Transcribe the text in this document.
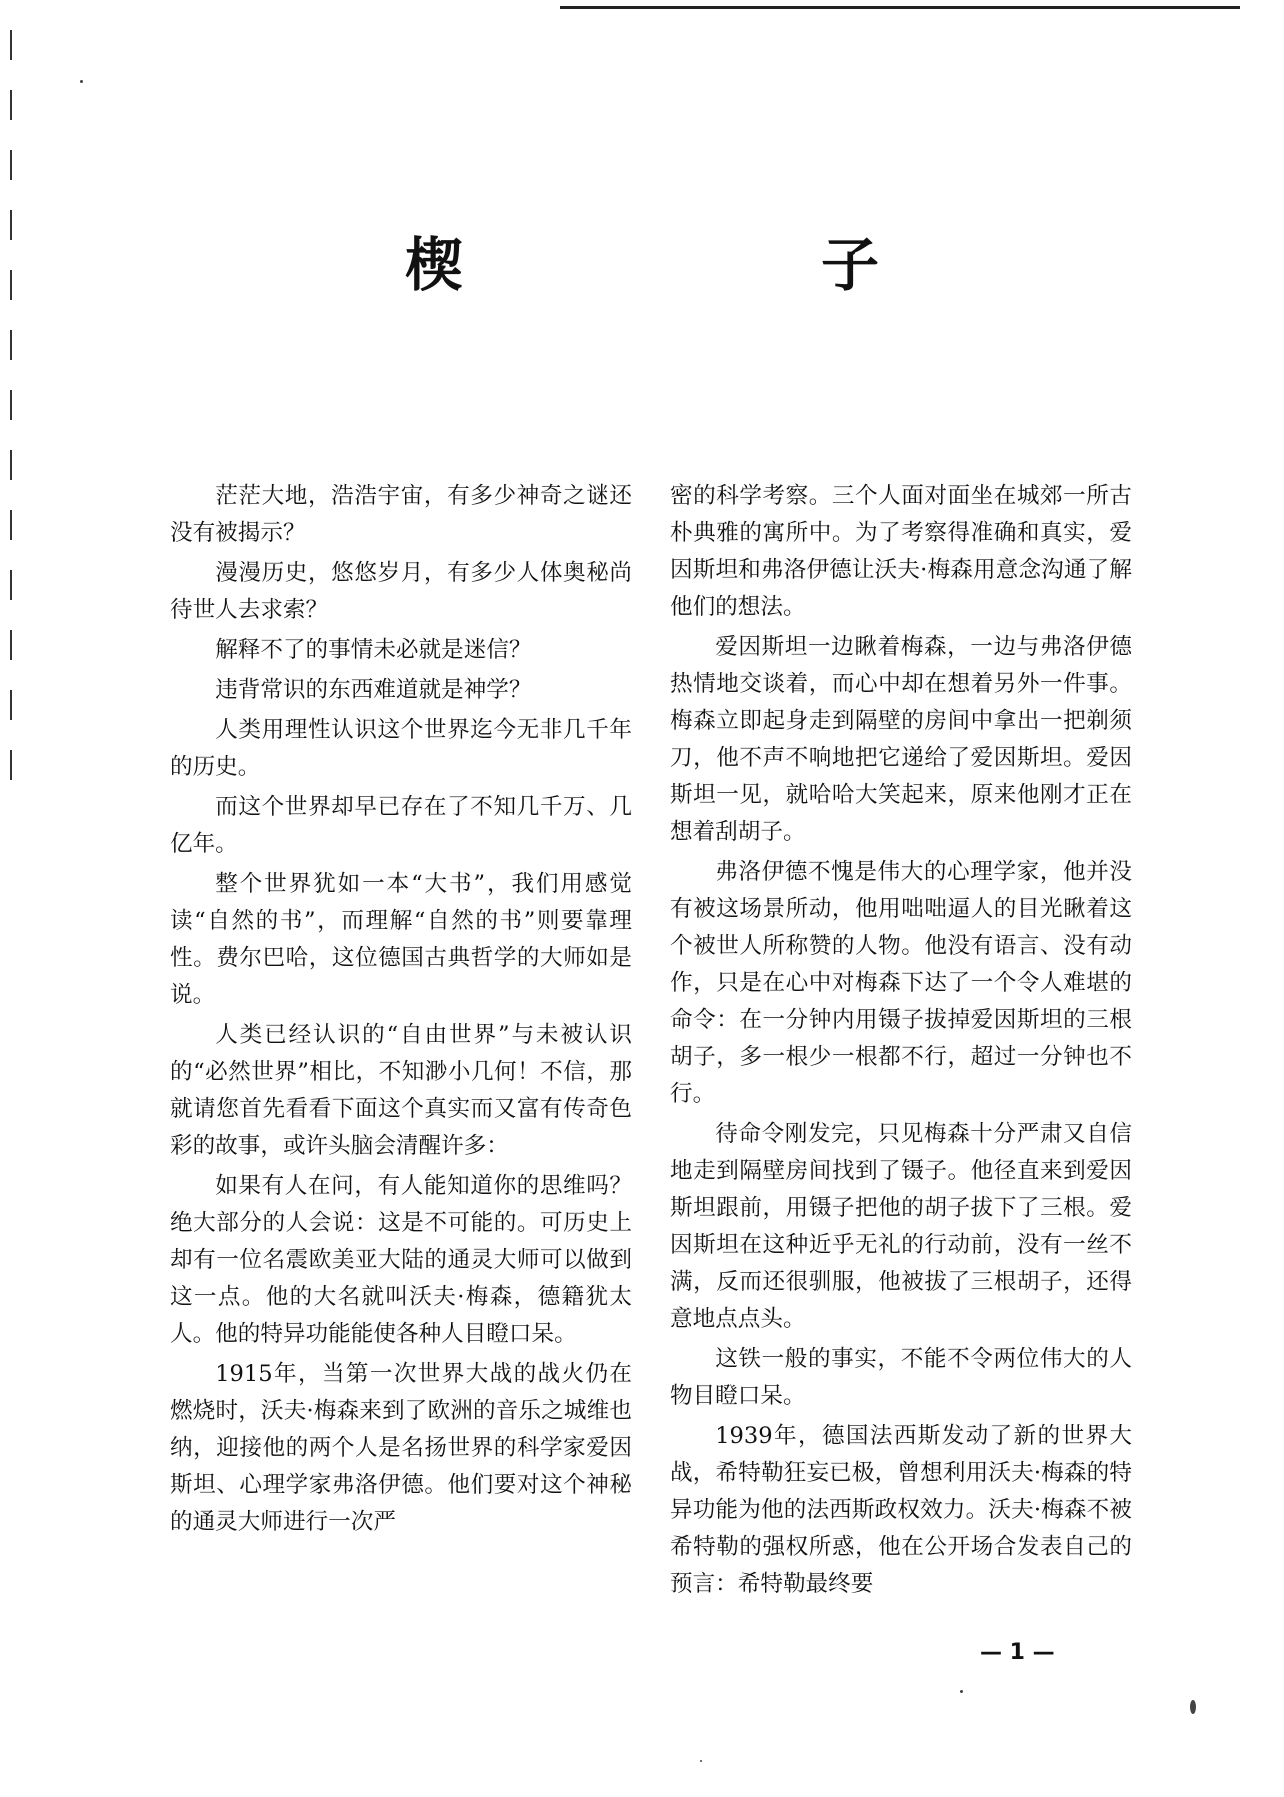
楔　子

茫茫大地，浩浩宇宙，有多少神奇之谜还没有被揭示？

漫漫历史，悠悠岁月，有多少人体奥秘尚待世人去求索？

解释不了的事情未必就是迷信？

违背常识的东西难道就是神学？

人类用理性认识这个世界迄今无非几千年的历史。

而这个世界却早已存在了不知几千万、几亿年。

整个世界犹如一本“大书”，我们用感觉读“自然的书”，而理解“自然的书”则要靠理性。费尔巴哈，这位德国古典哲学的大师如是说。

人类已经认识的“自由世界”与未被认识的“必然世界”相比，不知渺小几何！不信，那就请您首先看看下面这个真实而又富有传奇色彩的故事，或许头脑会清醒许多：

如果有人在问，有人能知道你的思维吗？绝大部分的人会说：这是不可能的。可历史上却有一位名震欧美亚大陆的通灵大师可以做到这一点。他的大名就叫沃夫·梅森，德籍犹太人。他的特异功能能使各种人目瞪口呆。

1915年，当第一次世界大战的战火仍在燃烧时，沃夫·梅森来到了欧洲的音乐之城维也纳，迎接他的两个人是名扬世界的科学家爱因斯坦、心理学家弗洛伊德。他们要对这个神秘的通灵大师进行一次严

密的科学考察。三个人面对面坐在城郊一所古朴典雅的寓所中。为了考察得准确和真实，爱因斯坦和弗洛伊德让沃夫·梅森用意念沟通了解他们的想法。

爱因斯坦一边瞅着梅森，一边与弗洛伊德热情地交谈着，而心中却在想着另外一件事。梅森立即起身走到隔壁的房间中拿出一把剃须刀，他不声不响地把它递给了爱因斯坦。爱因斯坦一见，就哈哈大笑起来，原来他刚才正在想着刮胡子。

弗洛伊德不愧是伟大的心理学家，他并没有被这场景所动，他用咄咄逼人的目光瞅着这个被世人所称赞的人物。他没有语言、没有动作，只是在心中对梅森下达了一个令人难堪的命令：在一分钟内用镊子拔掉爱因斯坦的三根胡子，多一根少一根都不行，超过一分钟也不行。

待命令刚发完，只见梅森十分严肃又自信地走到隔壁房间找到了镊子。他径直来到爱因斯坦跟前，用镊子把他的胡子拔下了三根。爱因斯坦在这种近乎无礼的行动前，没有一丝不满，反而还很驯服，他被拔了三根胡子，还得意地点点头。

这铁一般的事实，不能不令两位伟大的人物目瞪口呆。

1939年，德国法西斯发动了新的世界大战，希特勒狂妄已极，曾想利用沃夫·梅森的特异功能为他的法西斯政权效力。沃夫·梅森不被希特勒的强权所惑，他在公开场合发表自己的预言：希特勒最终要

— 1 —
